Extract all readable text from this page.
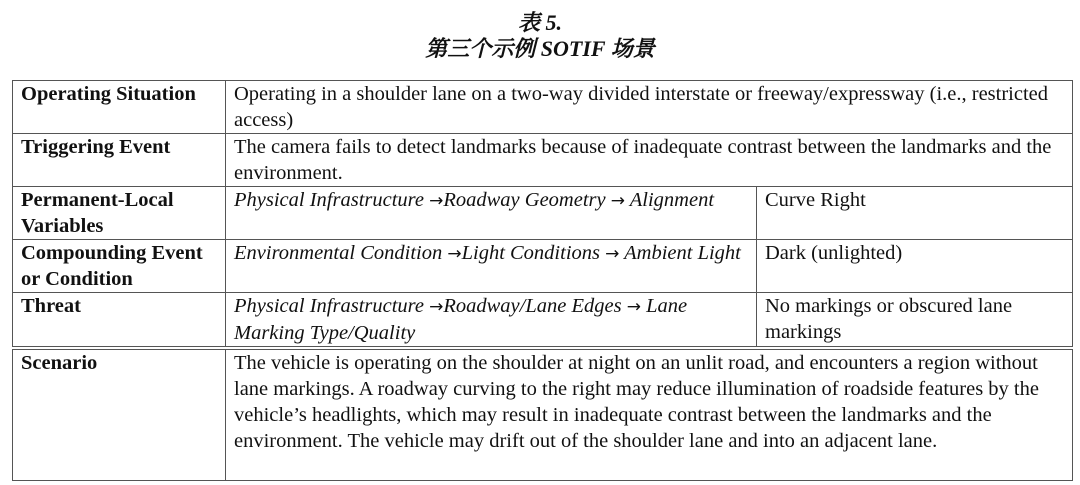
表 5.
第三个示例 SOTIF 场景
Operating Situation	Operating in a shoulder lane on a two-way divided interstate or freeway/expressway (i.e., restricted access)	
Triggering Event	The camera fails to detect landmarks because of inadequate contrast between the landmarks and the environment.	
Permanent-Local Variables	Physical Infrastructure →Roadway Geometry → Alignment	Curve Right
Compounding Event or Condition	Environmental Condition →Light Conditions → Ambient Light	Dark (unlighted)
Threat	Physical Infrastructure →Roadway/Lane Edges → Lane Marking Type/Quality	No markings or obscured lane markings
Scenario	The vehicle is operating on the shoulder at night on an unlit road, and encounters a region without lane markings. A roadway curving to the right may reduce illumination of roadside features by the vehicle’s headlights, which may result in inadequate contrast between the landmarks and the environment. The vehicle may drift out of the shoulder lane and into an adjacent lane.	
